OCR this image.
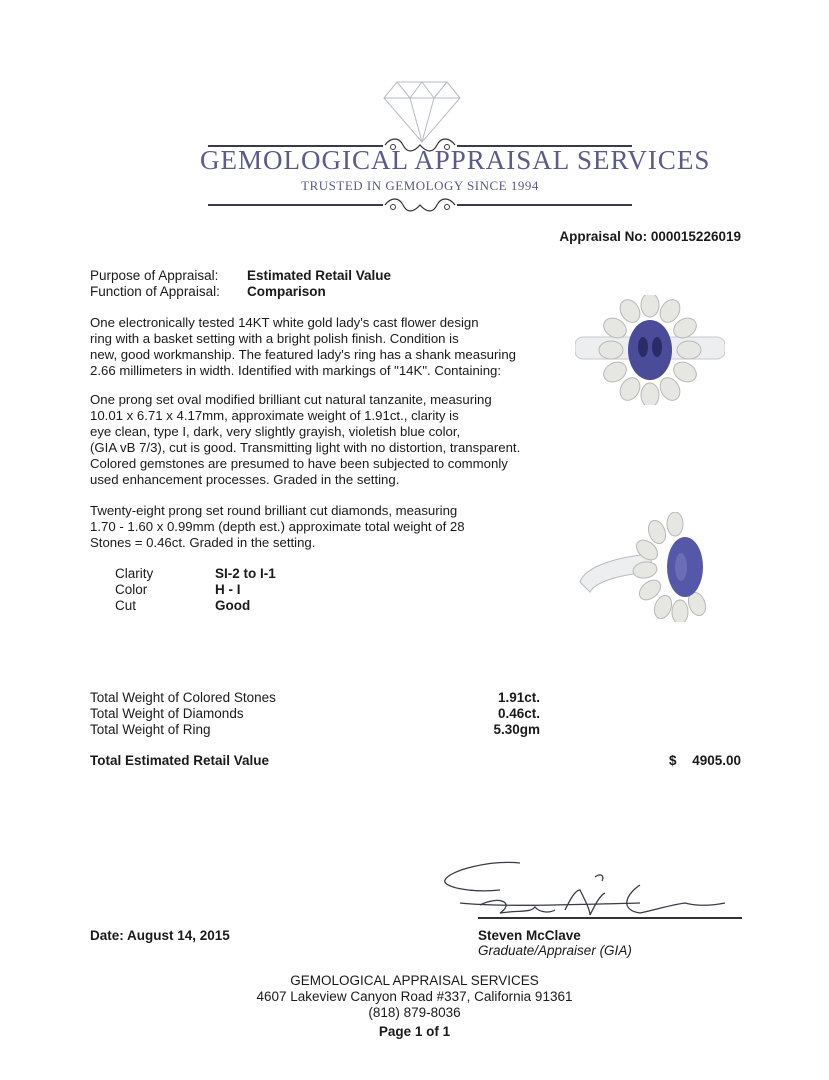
GEMOLOGICAL APPRAISAL SERVICES
TRUSTED IN GEMOLOGY SINCE 1994
Appraisal No: 000015226019
Purpose of Appraisal:	Estimated Retail Value
Function of Appraisal:	Comparison
One electronically tested 14KT white gold lady's cast flower design
ring with a basket setting with a bright polish finish. Condition is
new, good workmanship. The featured lady's ring has a shank measuring
2.66 millimeters in width. Identified with markings of "14K". Containing:
One prong set oval modified brilliant cut natural tanzanite, measuring
10.01 x 6.71 x 4.17mm, approximate weight of 1.91ct., clarity is
eye clean, type I, dark, very slightly grayish, violetish blue color,
(GIA vB 7/3), cut is good. Transmitting light with no distortion, transparent.
Colored gemstones are presumed to have been subjected to commonly
used enhancement processes. Graded in the setting.
Twenty-eight prong set round brilliant cut diamonds, measuring
1.70 - 1.60 x 0.99mm (depth est.) approximate total weight of 28
Stones = 0.46ct. Graded in the setting.
Clarity	SI-2 to I-1
Color	H - I
Cut	Good
Total Weight of Colored Stones	1.91ct.
Total Weight of Diamonds	0.46ct.
Total Weight of Ring	5.30gm
Total Estimated Retail Value	$ 4905.00
Date: August 14, 2015	Steven McClave
Graduate/Appraiser (GIA)
GEMOLOGICAL APPRAISAL SERVICES
4607 Lakeview Canyon Road #337, California 91361
(818) 879-8036
Page 1 of 1
